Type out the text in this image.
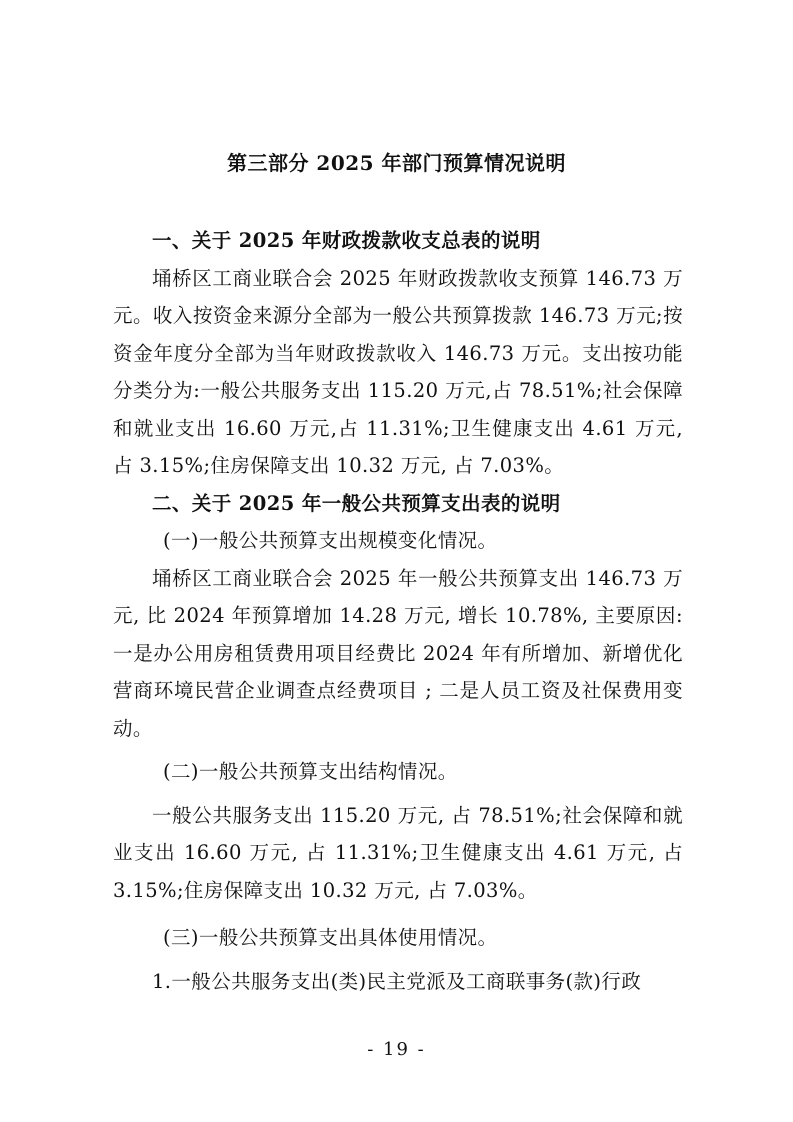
第三部分 2025 年部门预算情况说明

一、关于 2025 年财政拨款收支总表的说明

埇桥区工商业联合会 2025 年财政拨款收支预算 146.73 万元。收入按资金来源分全部为一般公共预算拨款 146.73 万元;按资金年度分全部为当年财政拨款收入 146.73 万元。支出按功能分类分为:一般公共服务支出 115.20 万元,占 78.51%;社会保障和就业支出 16.60 万元,占 11.31%;卫生健康支出 4.61 万元,占 3.15%;住房保障支出 10.32 万元, 占 7.03%。

二、关于 2025 年一般公共预算支出表的说明

(一)一般公共预算支出规模变化情况。

埇桥区工商业联合会 2025 年一般公共预算支出 146.73 万元, 比 2024 年预算增加 14.28 万元, 增长 10.78%, 主要原因:一是办公用房租赁费用项目经费比 2024 年有所增加、新增优化营商环境民营企业调查点经费项目 ; 二是人员工资及社保费用变动。

(二)一般公共预算支出结构情况。

一般公共服务支出 115.20 万元, 占 78.51%;社会保障和就业支出 16.60 万元, 占 11.31%;卫生健康支出 4.61 万元, 占 3.15%;住房保障支出 10.32 万元, 占 7.03%。

(三)一般公共预算支出具体使用情况。

1.一般公共服务支出(类)民主党派及工商联事务(款)行政

- 19 -
